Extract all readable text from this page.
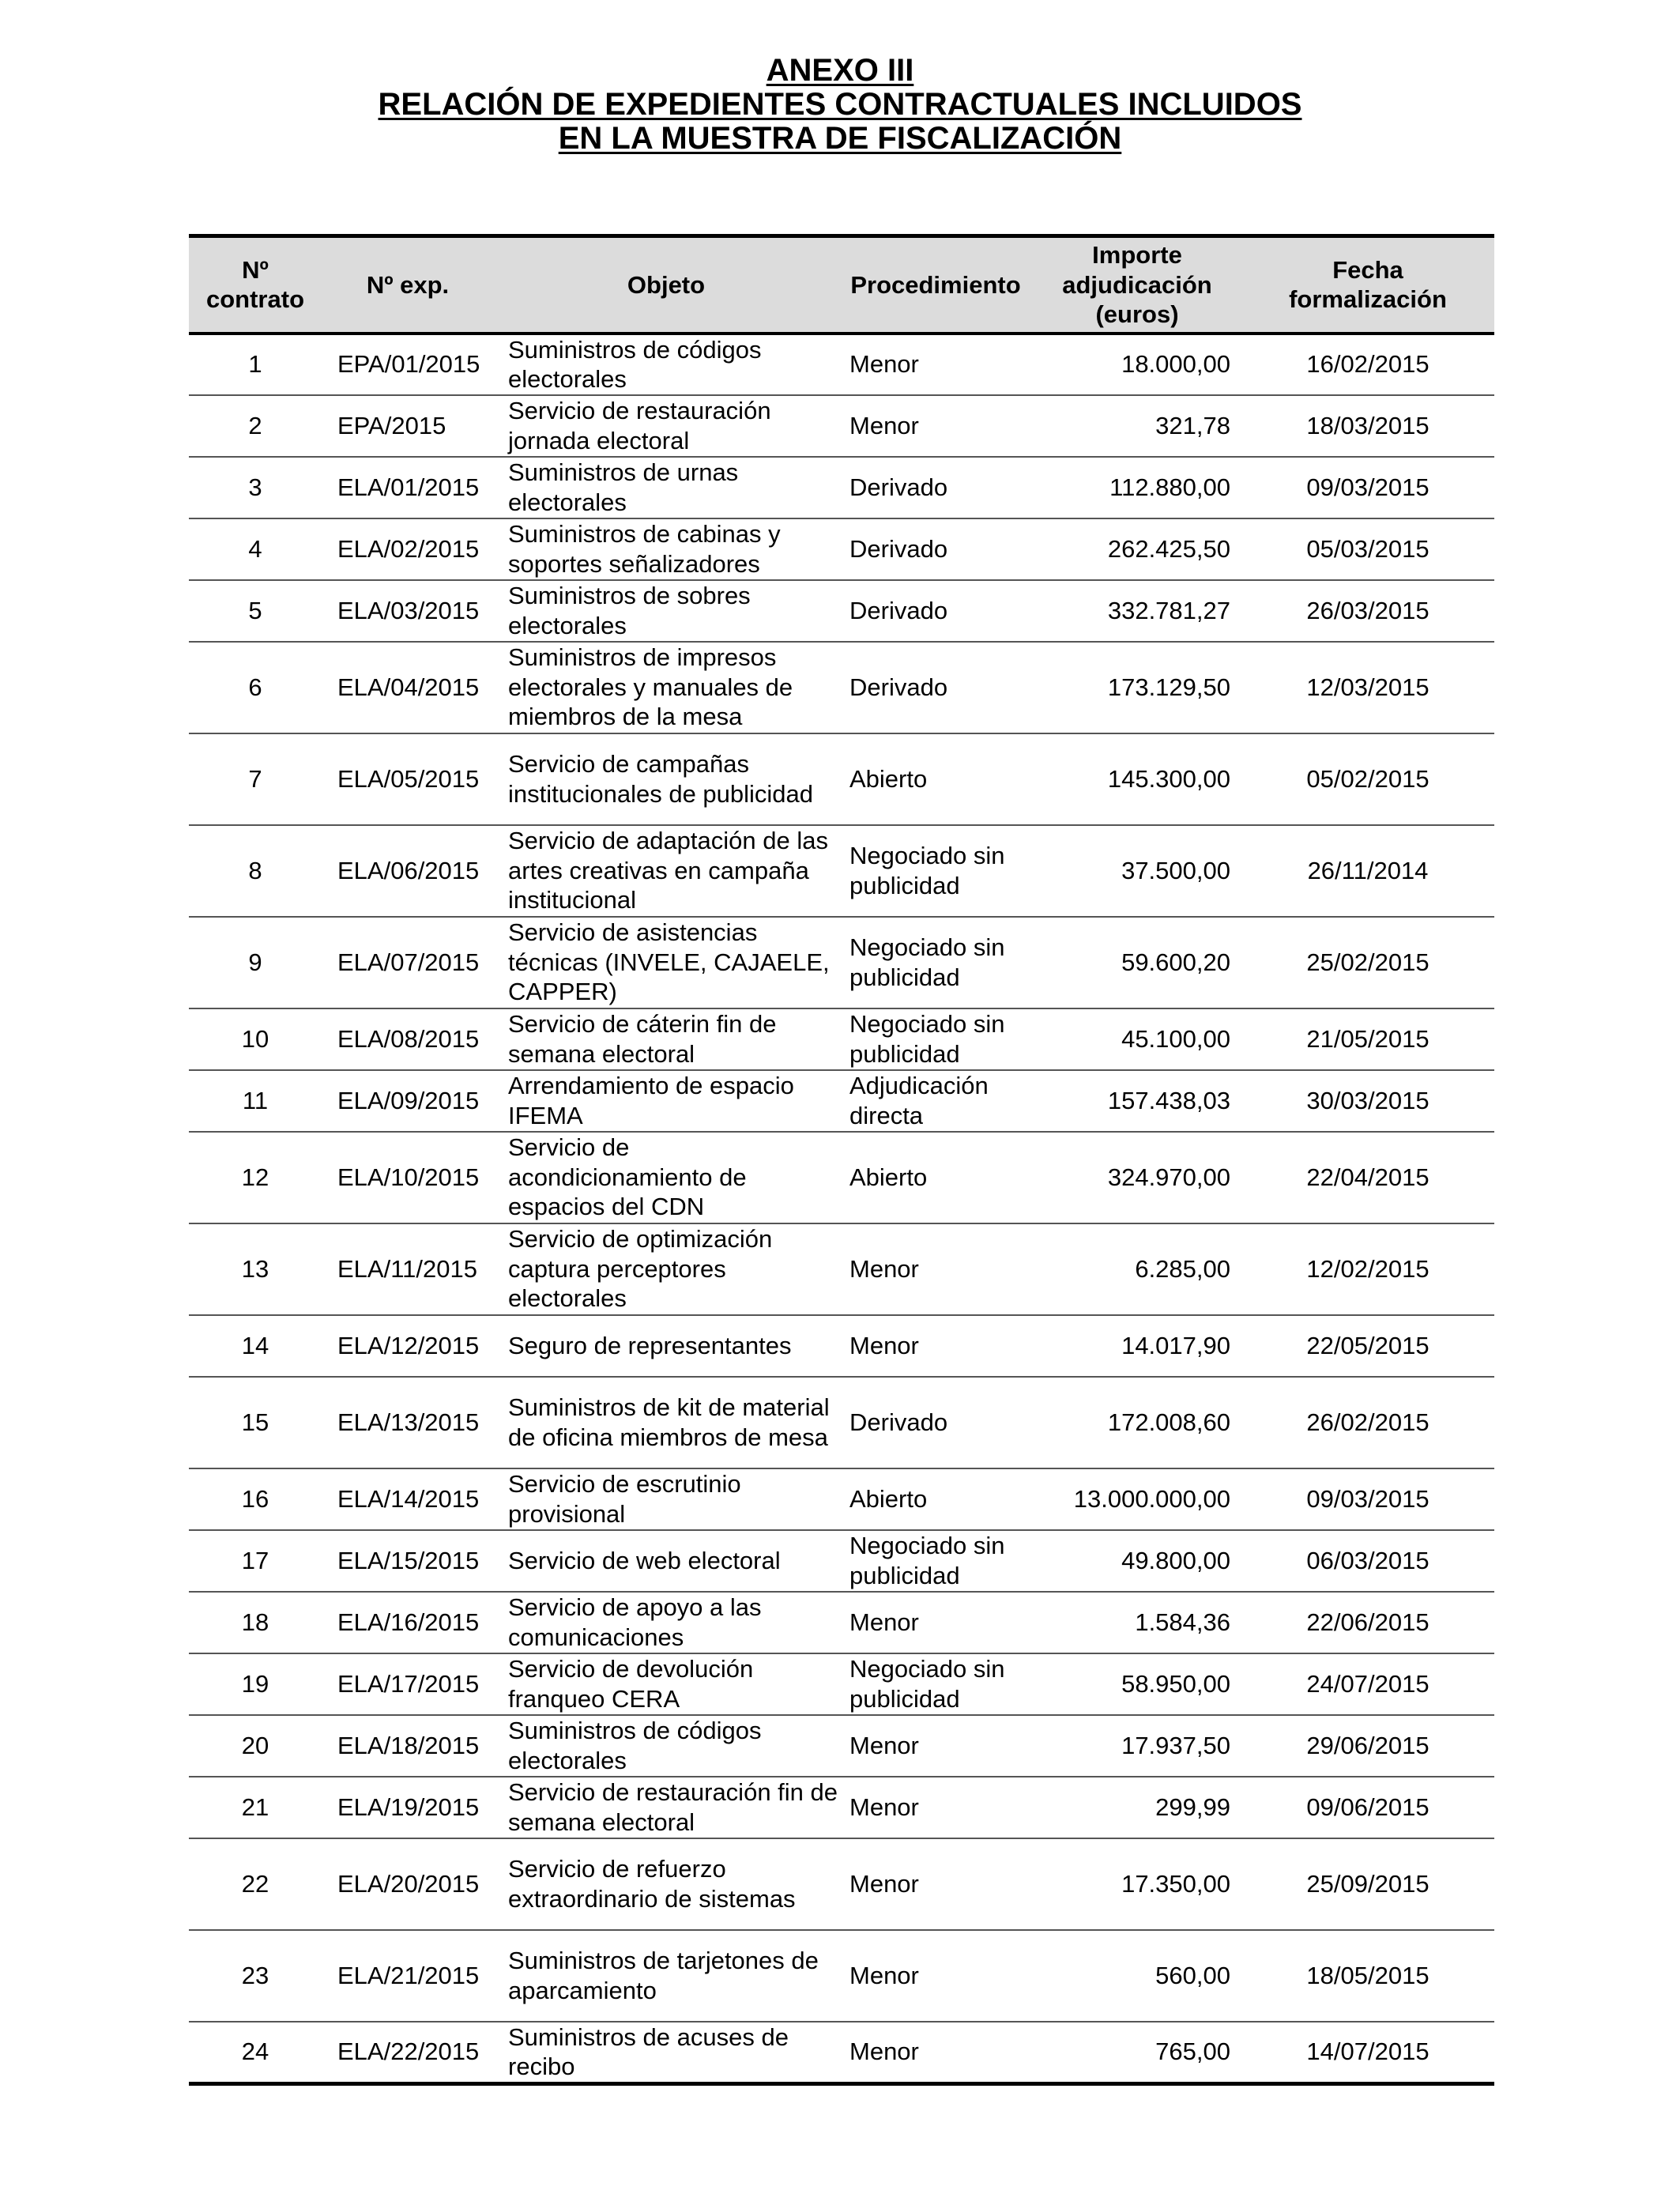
ANEXO III
RELACIÓN DE EXPEDIENTES CONTRACTUALES INCLUIDOS
EN LA MUESTRA DE FISCALIZACIÓN
Nº contrato	Nº exp.	Objeto	Procedimiento	Importe adjudicación (euros)	Fecha formalización

1	EPA/01/2015	Suministros de códigos electorales	Menor	18.000,00	16/02/2015

2	EPA/2015	Servicio de restauración jornada electoral	Menor	321,78	18/03/2015

3	ELA/01/2015	Suministros de urnas electorales	Derivado	112.880,00	09/03/2015

4	ELA/02/2015	Suministros de cabinas y soportes señalizadores	Derivado	262.425,50	05/03/2015

5	ELA/03/2015	Suministros de sobres electorales	Derivado	332.781,27	26/03/2015

6	ELA/04/2015	Suministros de impresos electorales y manuales de miembros de la mesa	Derivado	173.129,50	12/03/2015

7	ELA/05/2015	Servicio de campañas institucionales de publicidad	Abierto	145.300,00	05/02/2015

8	ELA/06/2015	Servicio de adaptación de las artes creativas en campaña institucional	Negociado sin publicidad	37.500,00	26/11/2014

9	ELA/07/2015	Servicio de asistencias técnicas (INVELE, CAJAELE, CAPPER)	Negociado sin publicidad	59.600,20	25/02/2015

10	ELA/08/2015	Servicio de cáterin fin de semana electoral	Negociado sin publicidad	45.100,00	21/05/2015

11	ELA/09/2015	Arrendamiento de espacio IFEMA	Adjudicación directa	157.438,03	30/03/2015

12	ELA/10/2015	Servicio de acondicionamiento de espacios del CDN	Abierto	324.970,00	22/04/2015

13	ELA/11/2015	Servicio de optimización captura perceptores electorales	Menor	6.285,00	12/02/2015

14	ELA/12/2015	Seguro de representantes	Menor	14.017,90	22/05/2015

15	ELA/13/2015	Suministros de kit de material de oficina miembros de mesa	Derivado	172.008,60	26/02/2015

16	ELA/14/2015	Servicio de escrutinio provisional	Abierto	13.000.000,00	09/03/2015

17	ELA/15/2015	Servicio de web electoral	Negociado sin publicidad	49.800,00	06/03/2015

18	ELA/16/2015	Servicio de apoyo a las comunicaciones	Menor	1.584,36	22/06/2015

19	ELA/17/2015	Servicio de devolución franqueo CERA	Negociado sin publicidad	58.950,00	24/07/2015

20	ELA/18/2015	Suministros de códigos electorales	Menor	17.937,50	29/06/2015

21	ELA/19/2015	Servicio de restauración fin de semana electoral	Menor	299,99	09/06/2015

22	ELA/20/2015	Servicio de refuerzo extraordinario de sistemas	Menor	17.350,00	25/09/2015

23	ELA/21/2015	Suministros de tarjetones de aparcamiento	Menor	560,00	18/05/2015

24	ELA/22/2015	Suministros de acuses de recibo	Menor	765,00	14/07/2015
